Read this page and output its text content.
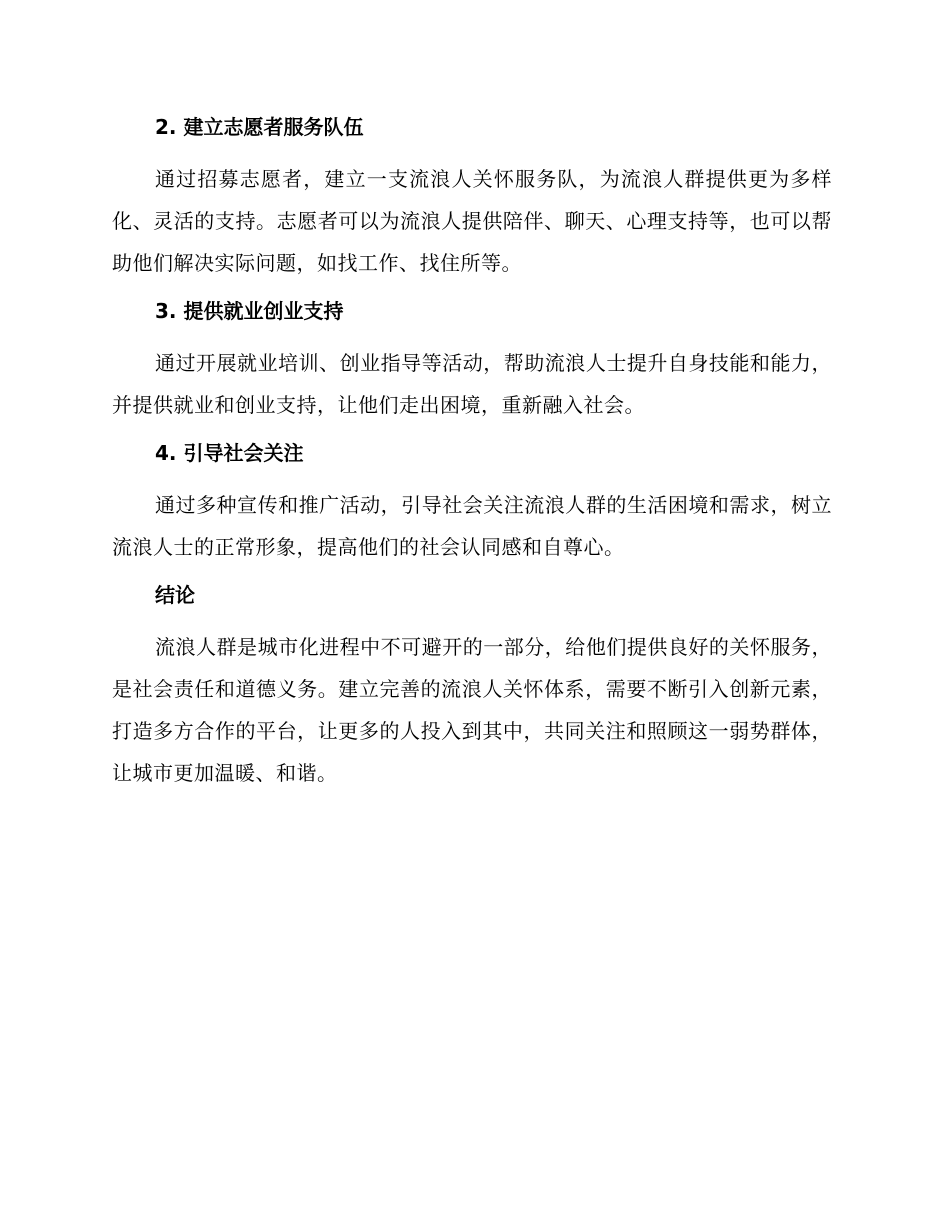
2. 建立志愿者服务队伍
通过招募志愿者，建立一支流浪人关怀服务队，为流浪人群提供更为多样化、灵活的支持。志愿者可以为流浪人提供陪伴、聊天、心理支持等，也可以帮助他们解决实际问题，如找工作、找住所等。
3. 提供就业创业支持
通过开展就业培训、创业指导等活动，帮助流浪人士提升自身技能和能力，并提供就业和创业支持，让他们走出困境，重新融入社会。
4. 引导社会关注
通过多种宣传和推广活动，引导社会关注流浪人群的生活困境和需求，树立流浪人士的正常形象，提高他们的社会认同感和自尊心。
结论
流浪人群是城市化进程中不可避开的一部分，给他们提供良好的关怀服务，是社会责任和道德义务。建立完善的流浪人关怀体系，需要不断引入创新元素，打造多方合作的平台，让更多的人投入到其中，共同关注和照顾这一弱势群体，让城市更加温暖、和谐。
